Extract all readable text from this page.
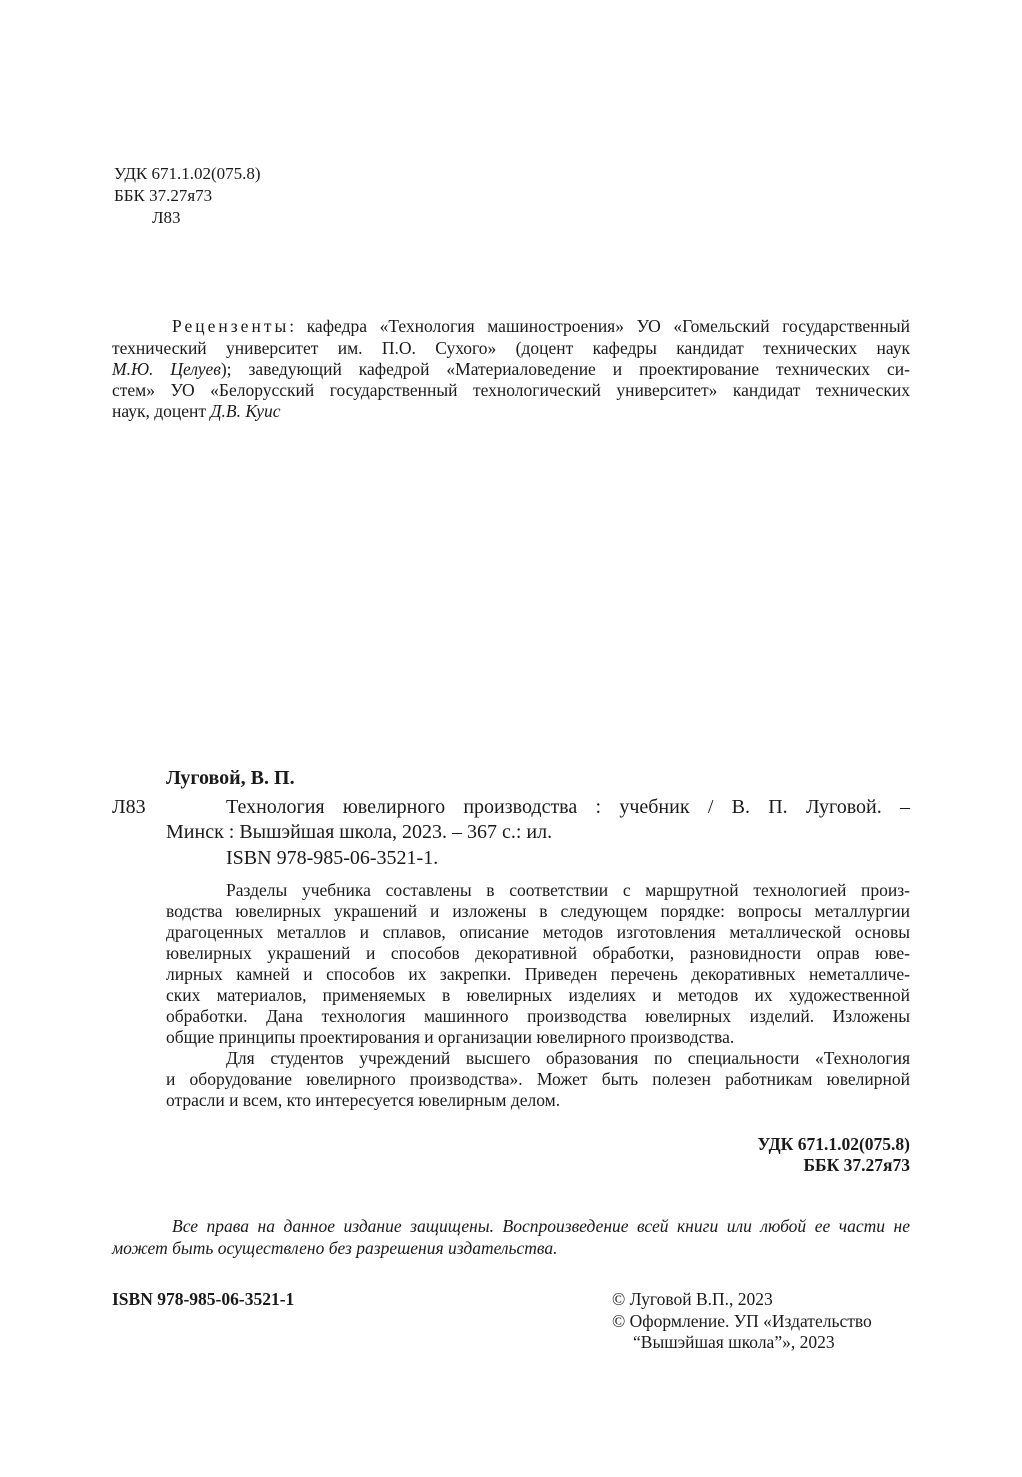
УДК 671.1.02(075.8)
ББК 37.27я73
Л83
Рецензенты: кафедра «Технология машиностроения» УО «Гомельский государственный
технический университет им. П.О. Сухого» (доцент кафедры кандидат технических наук
М.Ю. Целуев); заведующий кафедрой «Материаловедение и проектирование технических си-
стем» УО «Белорусский государственный технологический университет» кандидат технических
наук, доцент Д.В. Куис
Луговой, В. П.
Л83	Технология ювелирного производства : учебник / В. П. Луговой. –
Минск : Вышэйшая школа, 2023. – 367 с.: ил.
ISBN 978-985-06-3521-1.
Разделы учебника составлены в соответствии с маршрутной технологией произ-
водства ювелирных украшений и изложены в следующем порядке: вопросы металлургии
драгоценных металлов и сплавов, описание методов изготовления металлической основы
ювелирных украшений и способов декоративной обработки, разновидности оправ юве-
лирных камней и способов их закрепки. Приведен перечень декоративных неметалличе-
ских материалов, применяемых в ювелирных изделиях и методов их художественной
обработки. Дана технология машинного производства ювелирных изделий. Изложены
общие принципы проектирования и организации ювелирного производства.
Для студентов учреждений высшего образования по специальности «Технология
и оборудование ювелирного производства». Может быть полезен работникам ювелирной
отрасли и всем, кто интересуется ювелирным делом.
УДК 671.1.02(075.8)
ББК 37.27я73
Все права на данное издание защищены. Воспроизведение всей книги или любой ее части не
может быть осуществлено без разрешения издательства.
ISBN 978-985-06-3521-1	© Луговой В.П., 2023
© Оформление. УП «Издательство
“Вышэйшая школа”», 2023
